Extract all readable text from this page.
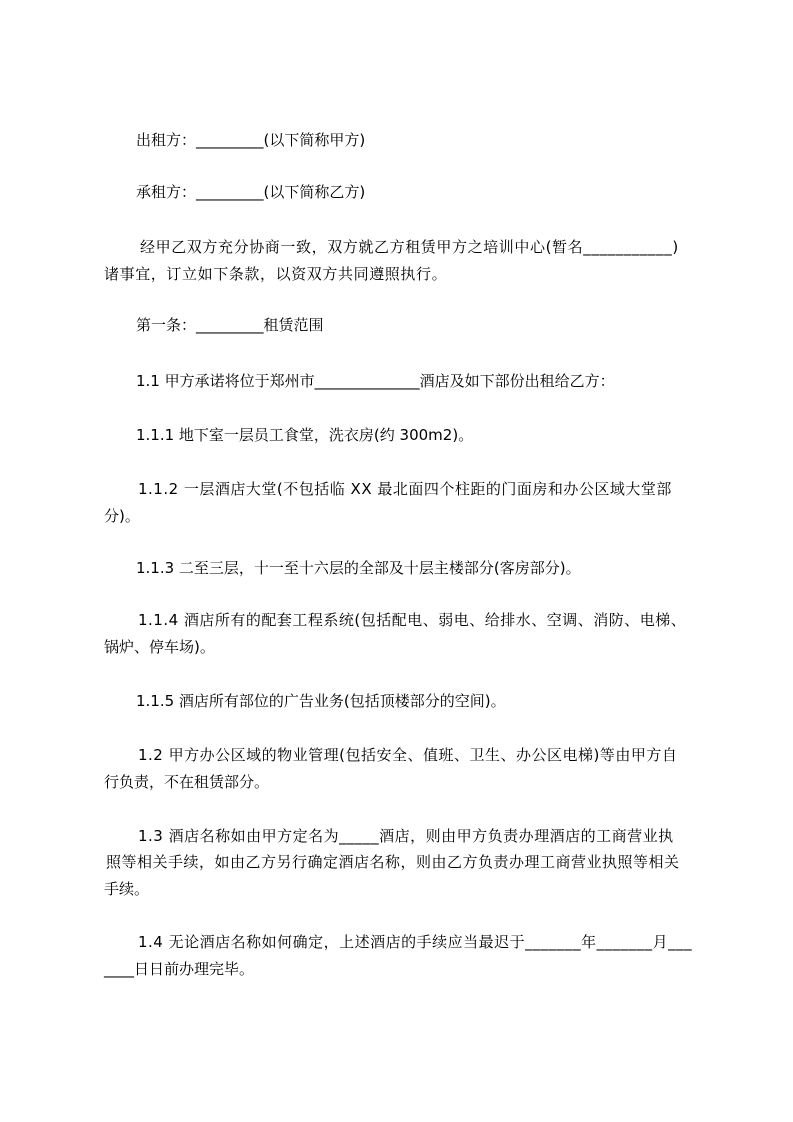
出租方：_________(以下简称甲方)
承租方：_________(以下简称乙方)
经甲乙双方充分协商一致，双方就乙方租赁甲方之培训中心(暂名___________)
诸事宜，订立如下条款，以资双方共同遵照执行。
第一条：_________租赁范围
1.1 甲方承诺将位于郑州市______________酒店及如下部份出租给乙方：
1.1.1 地下室一层员工食堂，洗衣房(约 300m2)。
1.1.2 一层酒店大堂(不包括临 XX 最北面四个柱距的门面房和办公区域大堂部
分)。
1.1.3 二至三层，十一至十六层的全部及十层主楼部分(客房部分)。
1.1.4 酒店所有的配套工程系统(包括配电、弱电、给排水、空调、消防、电梯、
锅炉、停车场)。
1.1.5 酒店所有部位的广告业务(包括顶楼部分的空间)。
1.2 甲方办公区域的物业管理(包括安全、值班、卫生、办公区电梯)等由甲方自
行负责，不在租赁部分。
1.3 酒店名称如由甲方定名为_____酒店，则由甲方负责办理酒店的工商营业执
照等相关手续，如由乙方另行确定酒店名称，则由乙方负责办理工商营业执照等相关
手续。
1.4 无论酒店名称如何确定，上述酒店的手续应当最迟于_______年_______月___
____日日前办理完毕。
